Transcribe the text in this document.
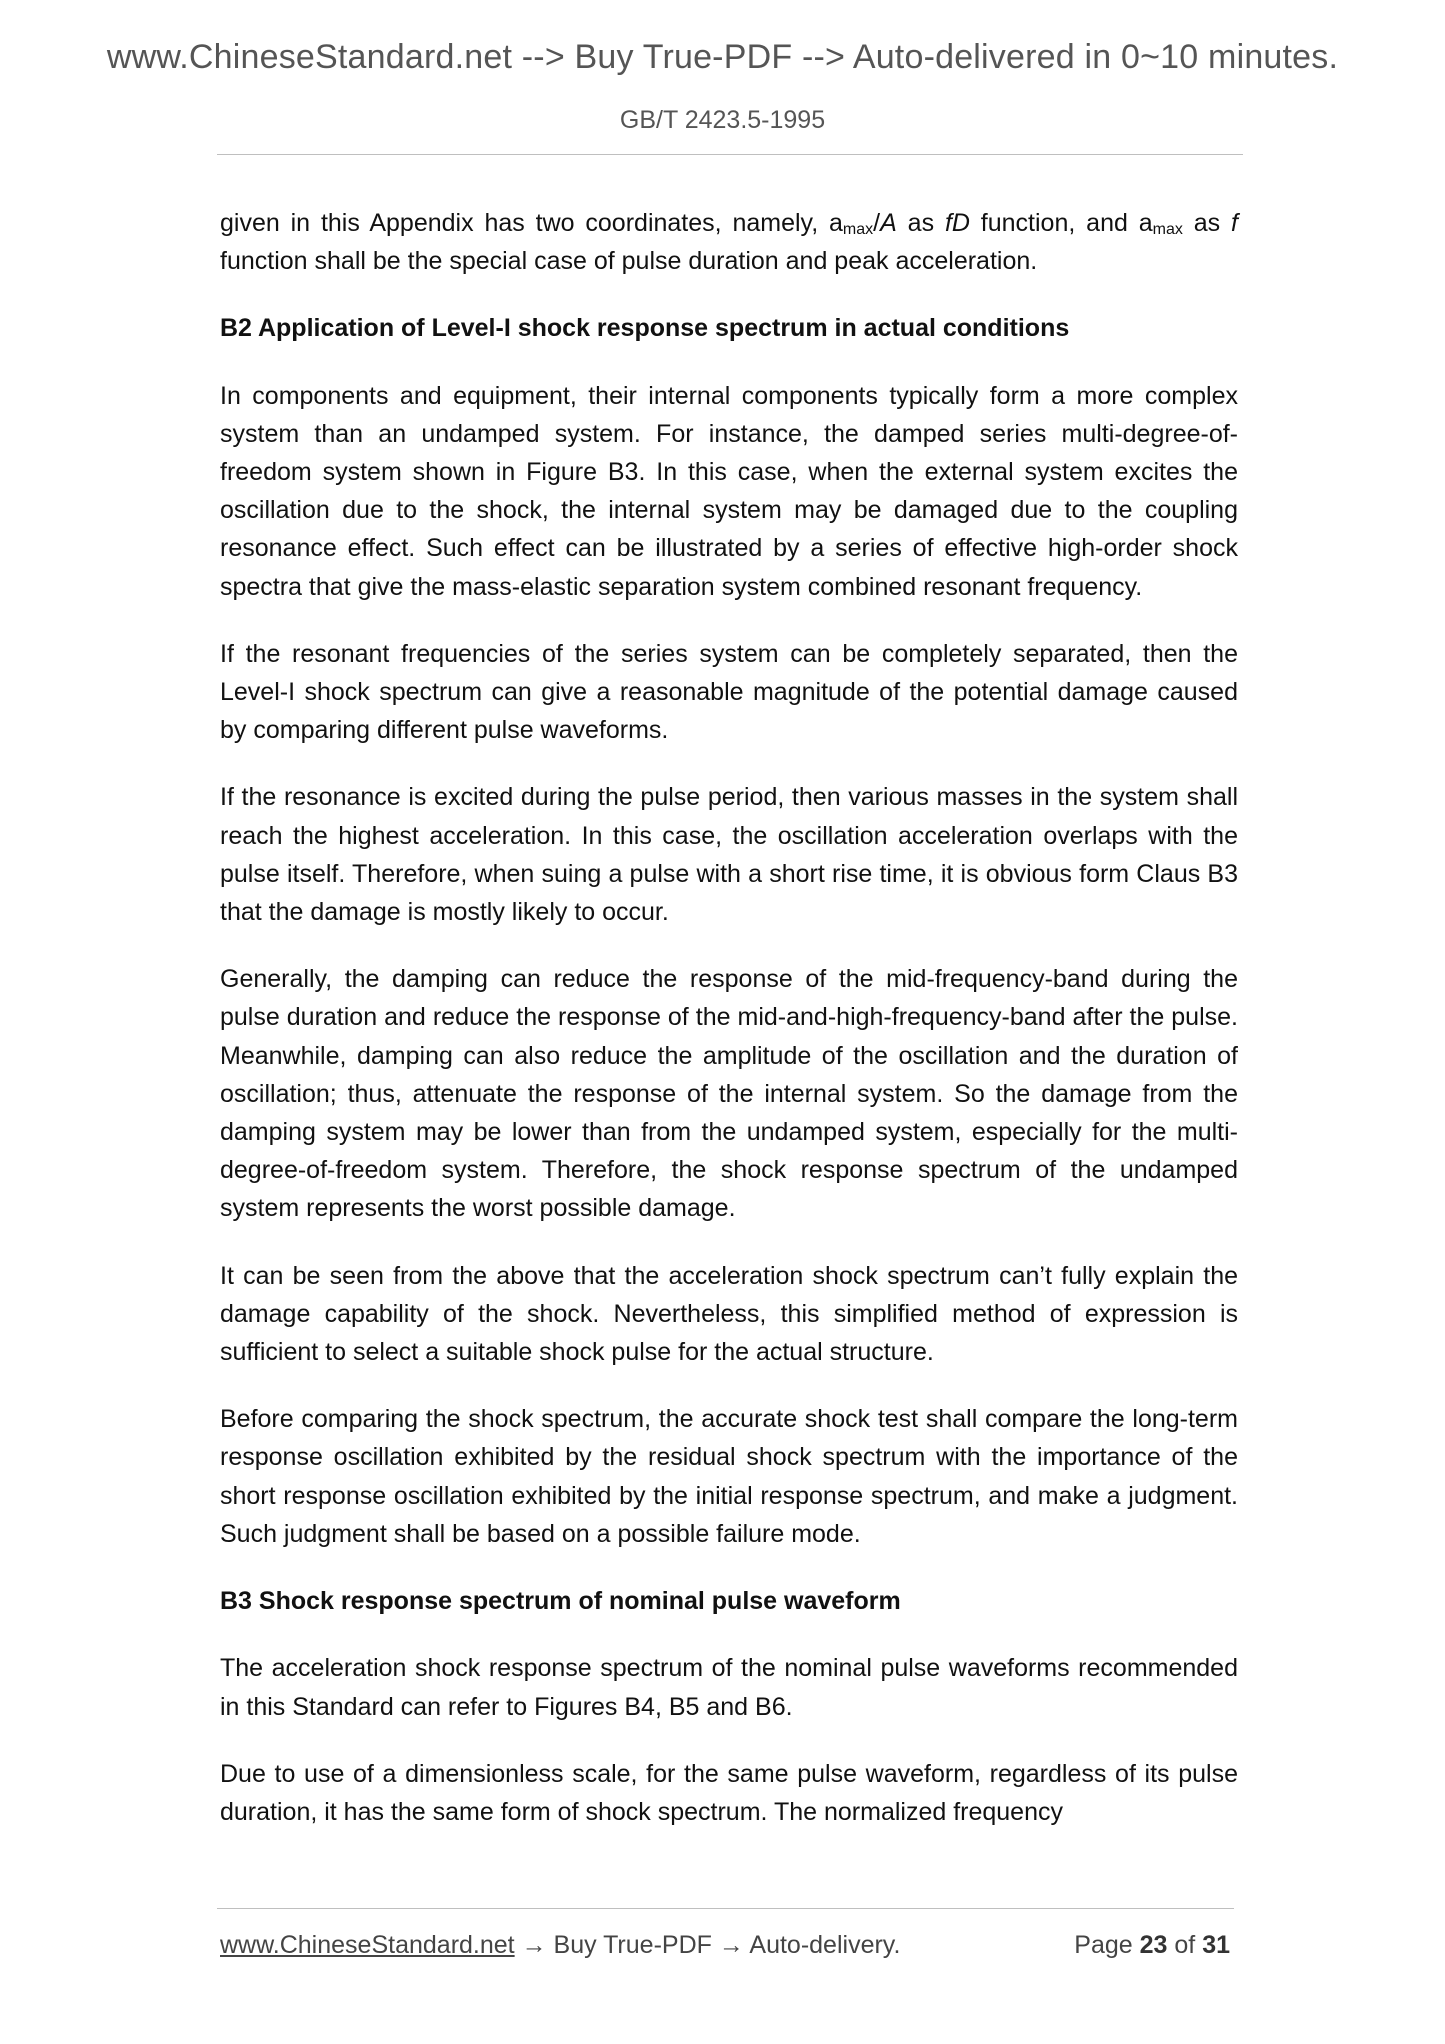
www.ChineseStandard.net --> Buy True-PDF --> Auto-delivered in 0~10 minutes.
GB/T 2423.5-1995

given in this Appendix has two coordinates, namely, $a_{max}/A$ as fD function, and $a_{max}$ as f function shall be the special case of pulse duration and peak acceleration.

B2 Application of Level-I shock response spectrum in actual conditions

In components and equipment, their internal components typically form a more complex system than an undamped system. For instance, the damped series multi-degree-of-freedom system shown in Figure B3. In this case, when the external system excites the oscillation due to the shock, the internal system may be damaged due to the coupling resonance effect. Such effect can be illustrated by a series of effective high-order shock spectra that give the mass-elastic separation system combined resonant frequency.

If the resonant frequencies of the series system can be completely separated, then the Level-I shock spectrum can give a reasonable magnitude of the potential damage caused by comparing different pulse waveforms.

If the resonance is excited during the pulse period, then various masses in the system shall reach the highest acceleration. In this case, the oscillation acceleration overlaps with the pulse itself. Therefore, when suing a pulse with a short rise time, it is obvious form Claus B3 that the damage is mostly likely to occur.

Generally, the damping can reduce the response of the mid-frequency-band during the pulse duration and reduce the response of the mid-and-high-frequency-band after the pulse. Meanwhile, damping can also reduce the amplitude of the oscillation and the duration of oscillation; thus, attenuate the response of the internal system. So the damage from the damping system may be lower than from the undamped system, especially for the multi-degree-of-freedom system. Therefore, the shock response spectrum of the undamped system represents the worst possible damage.

It can be seen from the above that the acceleration shock spectrum can’t fully explain the damage capability of the shock. Nevertheless, this simplified method of expression is sufficient to select a suitable shock pulse for the actual structure.

Before comparing the shock spectrum, the accurate shock test shall compare the long-term response oscillation exhibited by the residual shock spectrum with the importance of the short response oscillation exhibited by the initial response spectrum, and make a judgment. Such judgment shall be based on a possible failure mode.

B3 Shock response spectrum of nominal pulse waveform

The acceleration shock response spectrum of the nominal pulse waveforms recommended in this Standard can refer to Figures B4, B5 and B6.

Due to use of a dimensionless scale, for the same pulse waveform, regardless of its pulse duration, it has the same form of shock spectrum. The normalized frequency

www.ChineseStandard.net → Buy True-PDF → Auto-delivery.	Page 23 of 31
